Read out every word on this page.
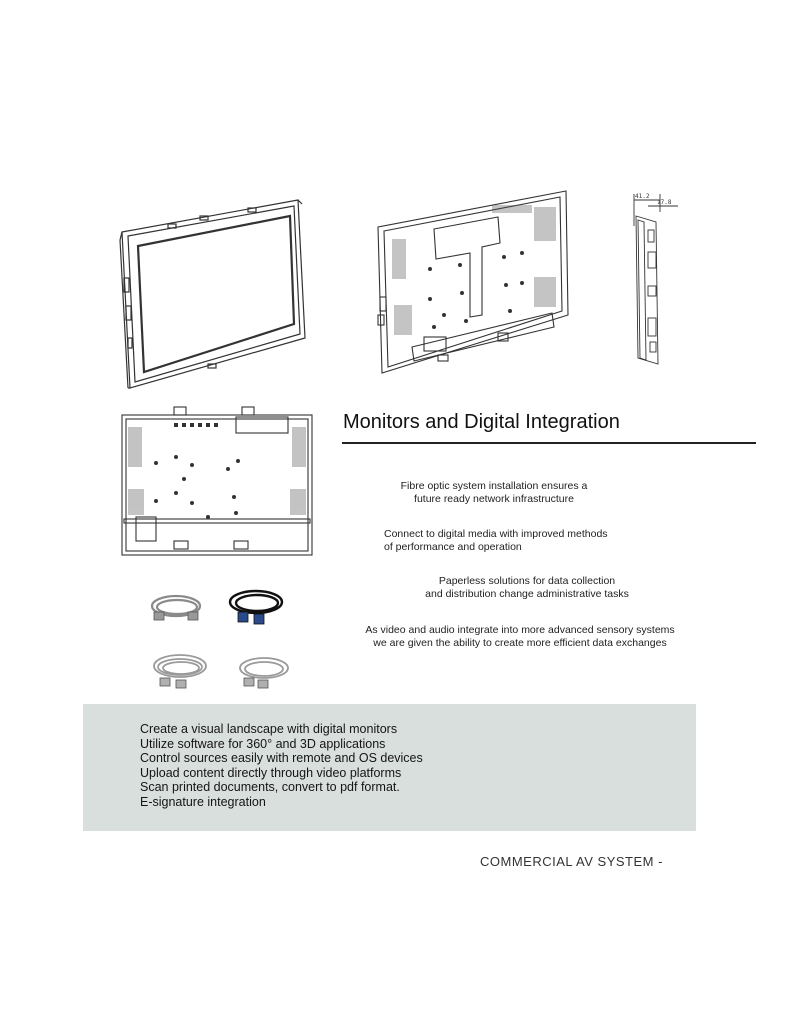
41.2
17.8
Monitors and Digital Integration
Fibre optic system installation ensures a
future ready network infrastructure
Connect to digital media with improved methods
of performance and operation
Paperless solutions for data collection
and distribution change administrative tasks
As video and audio integrate into more advanced sensory systems
we are given the ability to create more efficient data exchanges
Create a visual landscape with digital monitors
Utilize software for 360° and 3D applications
Control sources easily with remote and OS devices
Upload content directly through video platforms
Scan printed documents, convert to pdf format.
E-signature integration
COMMERCIAL AV SYSTEM -
